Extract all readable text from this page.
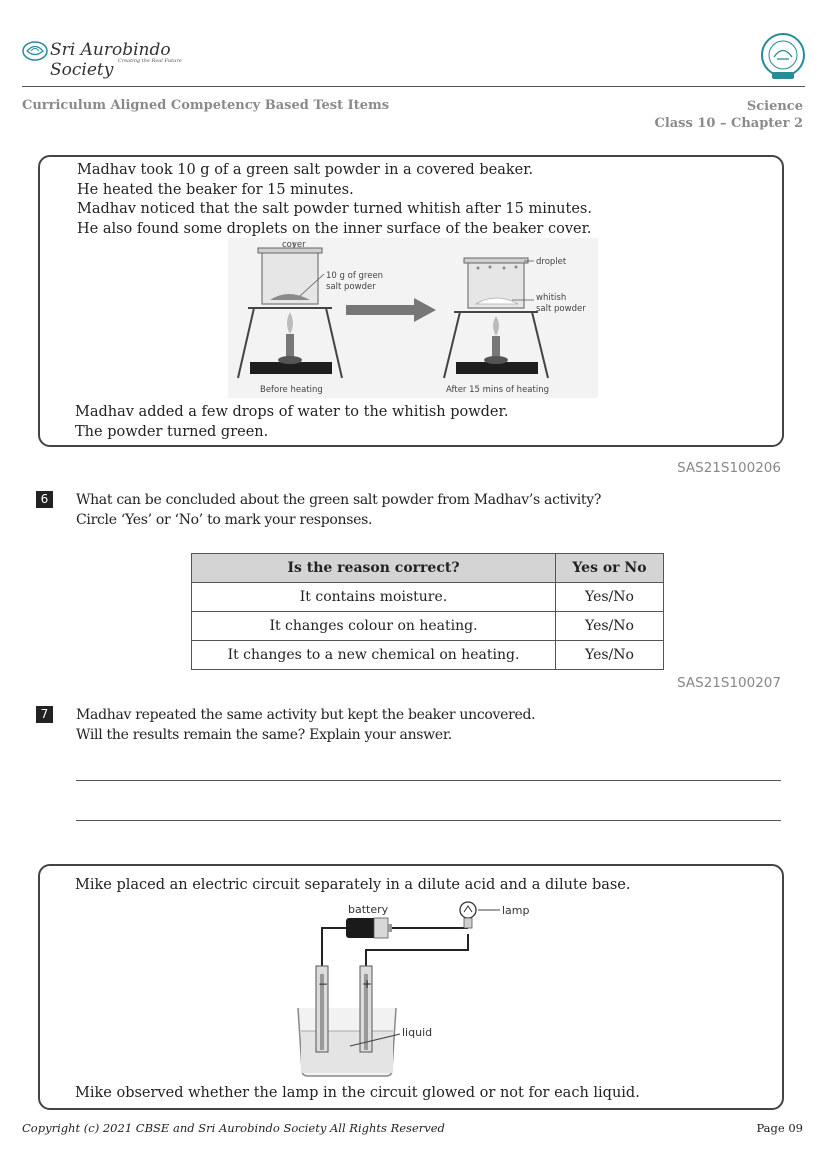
Sri Aurobindo Society Creating the Real Future
Curriculum Aligned Competency Based Test Items	Science
Class 10 – Chapter 2
Madhav took 10 g of a green salt powder in a covered beaker.
He heated the beaker for 15 minutes.
Madhav noticed that the salt powder turned whitish after 15 minutes.
He also found some droplets on the inner surface of the beaker cover.
cover
10 g of green
salt powder
Before heating
droplet
whitish
salt powder
After 15 mins of heating
Madhav added a few drops of water to the whitish powder.
The powder turned green.
SAS21S100206
6	What can be concluded about the green salt powder from Madhav’s activity?
Circle ‘Yes’ or ‘No’ to mark your responses.
Is the reason correct?	Yes or No
It contains moisture.	Yes/No
It changes colour on heating.	Yes/No
It changes to a new chemical on heating.	Yes/No
SAS21S100207
7	Madhav repeated the same activity but kept the beaker uncovered.
Will the results remain the same? Explain your answer.
Mike placed an electric circuit separately in a dilute acid and a dilute base.
battery	lamp
−	+
liquid
Mike observed whether the lamp in the circuit glowed or not for each liquid.
Copyright (c) 2021 CBSE and Sri Aurobindo Society All Rights Reserved	Page 09
